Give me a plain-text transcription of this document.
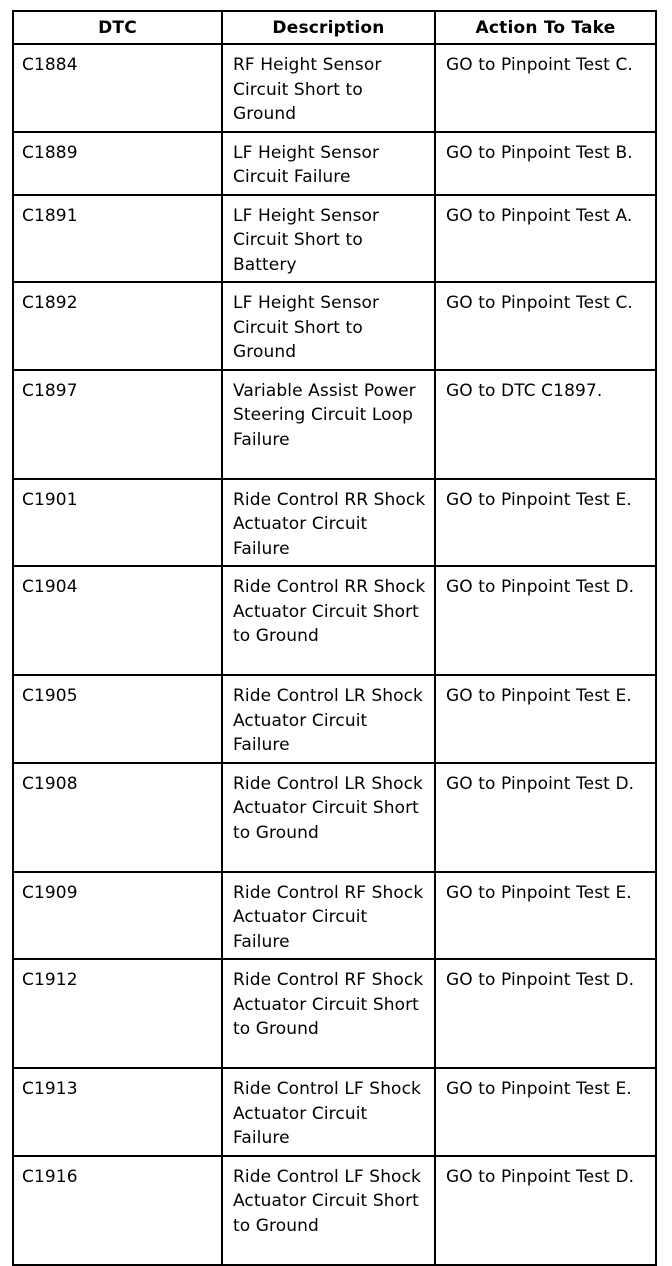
DTC	Description	Action To Take
C1884	RF Height Sensor Circuit Short to Ground	GO to Pinpoint Test C.
C1889	LF Height Sensor Circuit Failure	GO to Pinpoint Test B.
C1891	LF Height Sensor Circuit Short to Battery	GO to Pinpoint Test A.
C1892	LF Height Sensor Circuit Short to Ground	GO to Pinpoint Test C.
C1897	Variable Assist Power Steering Circuit Loop Failure	GO to DTC C1897.
C1901	Ride Control RR Shock Actuator Circuit Failure	GO to Pinpoint Test E.
C1904	Ride Control RR Shock Actuator Circuit Short to Ground	GO to Pinpoint Test D.
C1905	Ride Control LR Shock Actuator Circuit Failure	GO to Pinpoint Test E.
C1908	Ride Control LR Shock Actuator Circuit Short to Ground	GO to Pinpoint Test D.
C1909	Ride Control RF Shock Actuator Circuit Failure	GO to Pinpoint Test E.
C1912	Ride Control RF Shock Actuator Circuit Short to Ground	GO to Pinpoint Test D.
C1913	Ride Control LF Shock Actuator Circuit Failure	GO to Pinpoint Test E.
C1916	Ride Control LF Shock Actuator Circuit Short to Ground	GO to Pinpoint Test D.
